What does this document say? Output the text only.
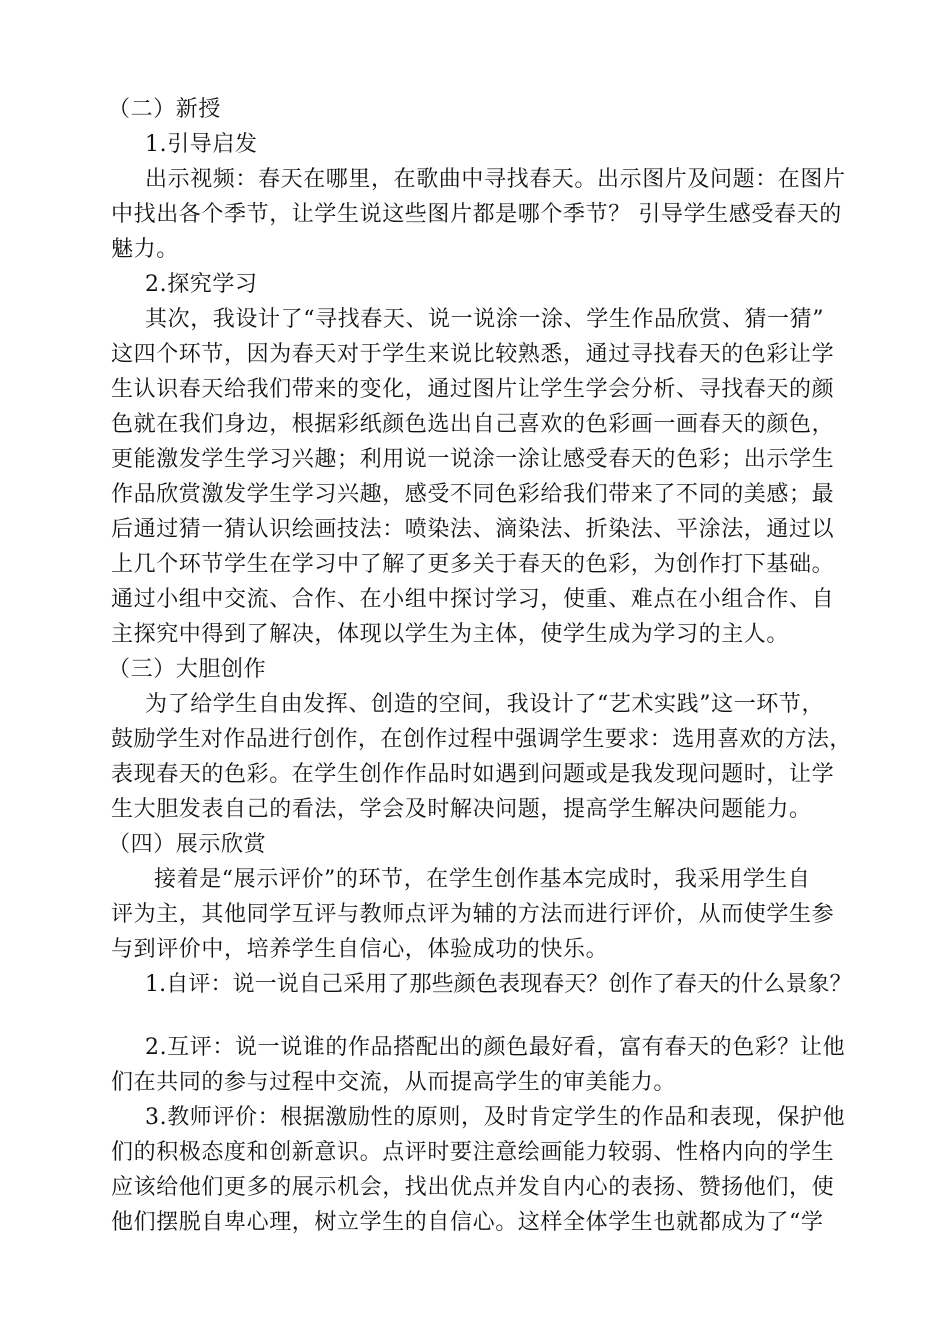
（二）新授
1.引导启发
出示视频：春天在哪里，在歌曲中寻找春天。出示图片及问题：在图片
中找出各个季节，让学生说这些图片都是哪个季节？ 引导学生感受春天的
魅力。
2.探究学习
其次，我设计了“寻找春天、说一说涂一涂、学生作品欣赏、猜一猜”
这四个环节，因为春天对于学生来说比较熟悉，通过寻找春天的色彩让学
生认识春天给我们带来的变化，通过图片让学生学会分析、寻找春天的颜
色就在我们身边，根据彩纸颜色选出自己喜欢的色彩画一画春天的颜色，
更能激发学生学习兴趣；利用说一说涂一涂让感受春天的色彩；出示学生
作品欣赏激发学生学习兴趣，感受不同色彩给我们带来了不同的美感；最
后通过猜一猜认识绘画技法：喷染法、滴染法、折染法、平涂法，通过以
上几个环节学生在学习中了解了更多关于春天的色彩，为创作打下基础。
通过小组中交流、合作、在小组中探讨学习，使重、难点在小组合作、自
主探究中得到了解决，体现以学生为主体，使学生成为学习的主人。
（三）大胆创作
为了给学生自由发挥、创造的空间，我设计了“艺术实践”这一环节，
鼓励学生对作品进行创作，在创作过程中强调学生要求：选用喜欢的方法，
表现春天的色彩。在学生创作作品时如遇到问题或是我发现问题时，让学
生大胆发表自己的看法，学会及时解决问题，提高学生解决问题能力。
（四）展示欣赏
接着是“展示评价”的环节，在学生创作基本完成时，我采用学生自
评为主，其他同学互评与教师点评为辅的方法而进行评价，从而使学生参
与到评价中，培养学生自信心，体验成功的快乐。
1.自评：说一说自己采用了那些颜色表现春天？创作了春天的什么景象？
2.互评：说一说谁的作品搭配出的颜色最好看，富有春天的色彩？让他
们在共同的参与过程中交流，从而提高学生的审美能力。
3.教师评价：根据激励性的原则，及时肯定学生的作品和表现，保护他
们的积极态度和创新意识。点评时要注意绘画能力较弱、性格内向的学生
应该给他们更多的展示机会，找出优点并发自内心的表扬、赞扬他们，使
他们摆脱自卑心理，树立学生的自信心。这样全体学生也就都成为了“学
